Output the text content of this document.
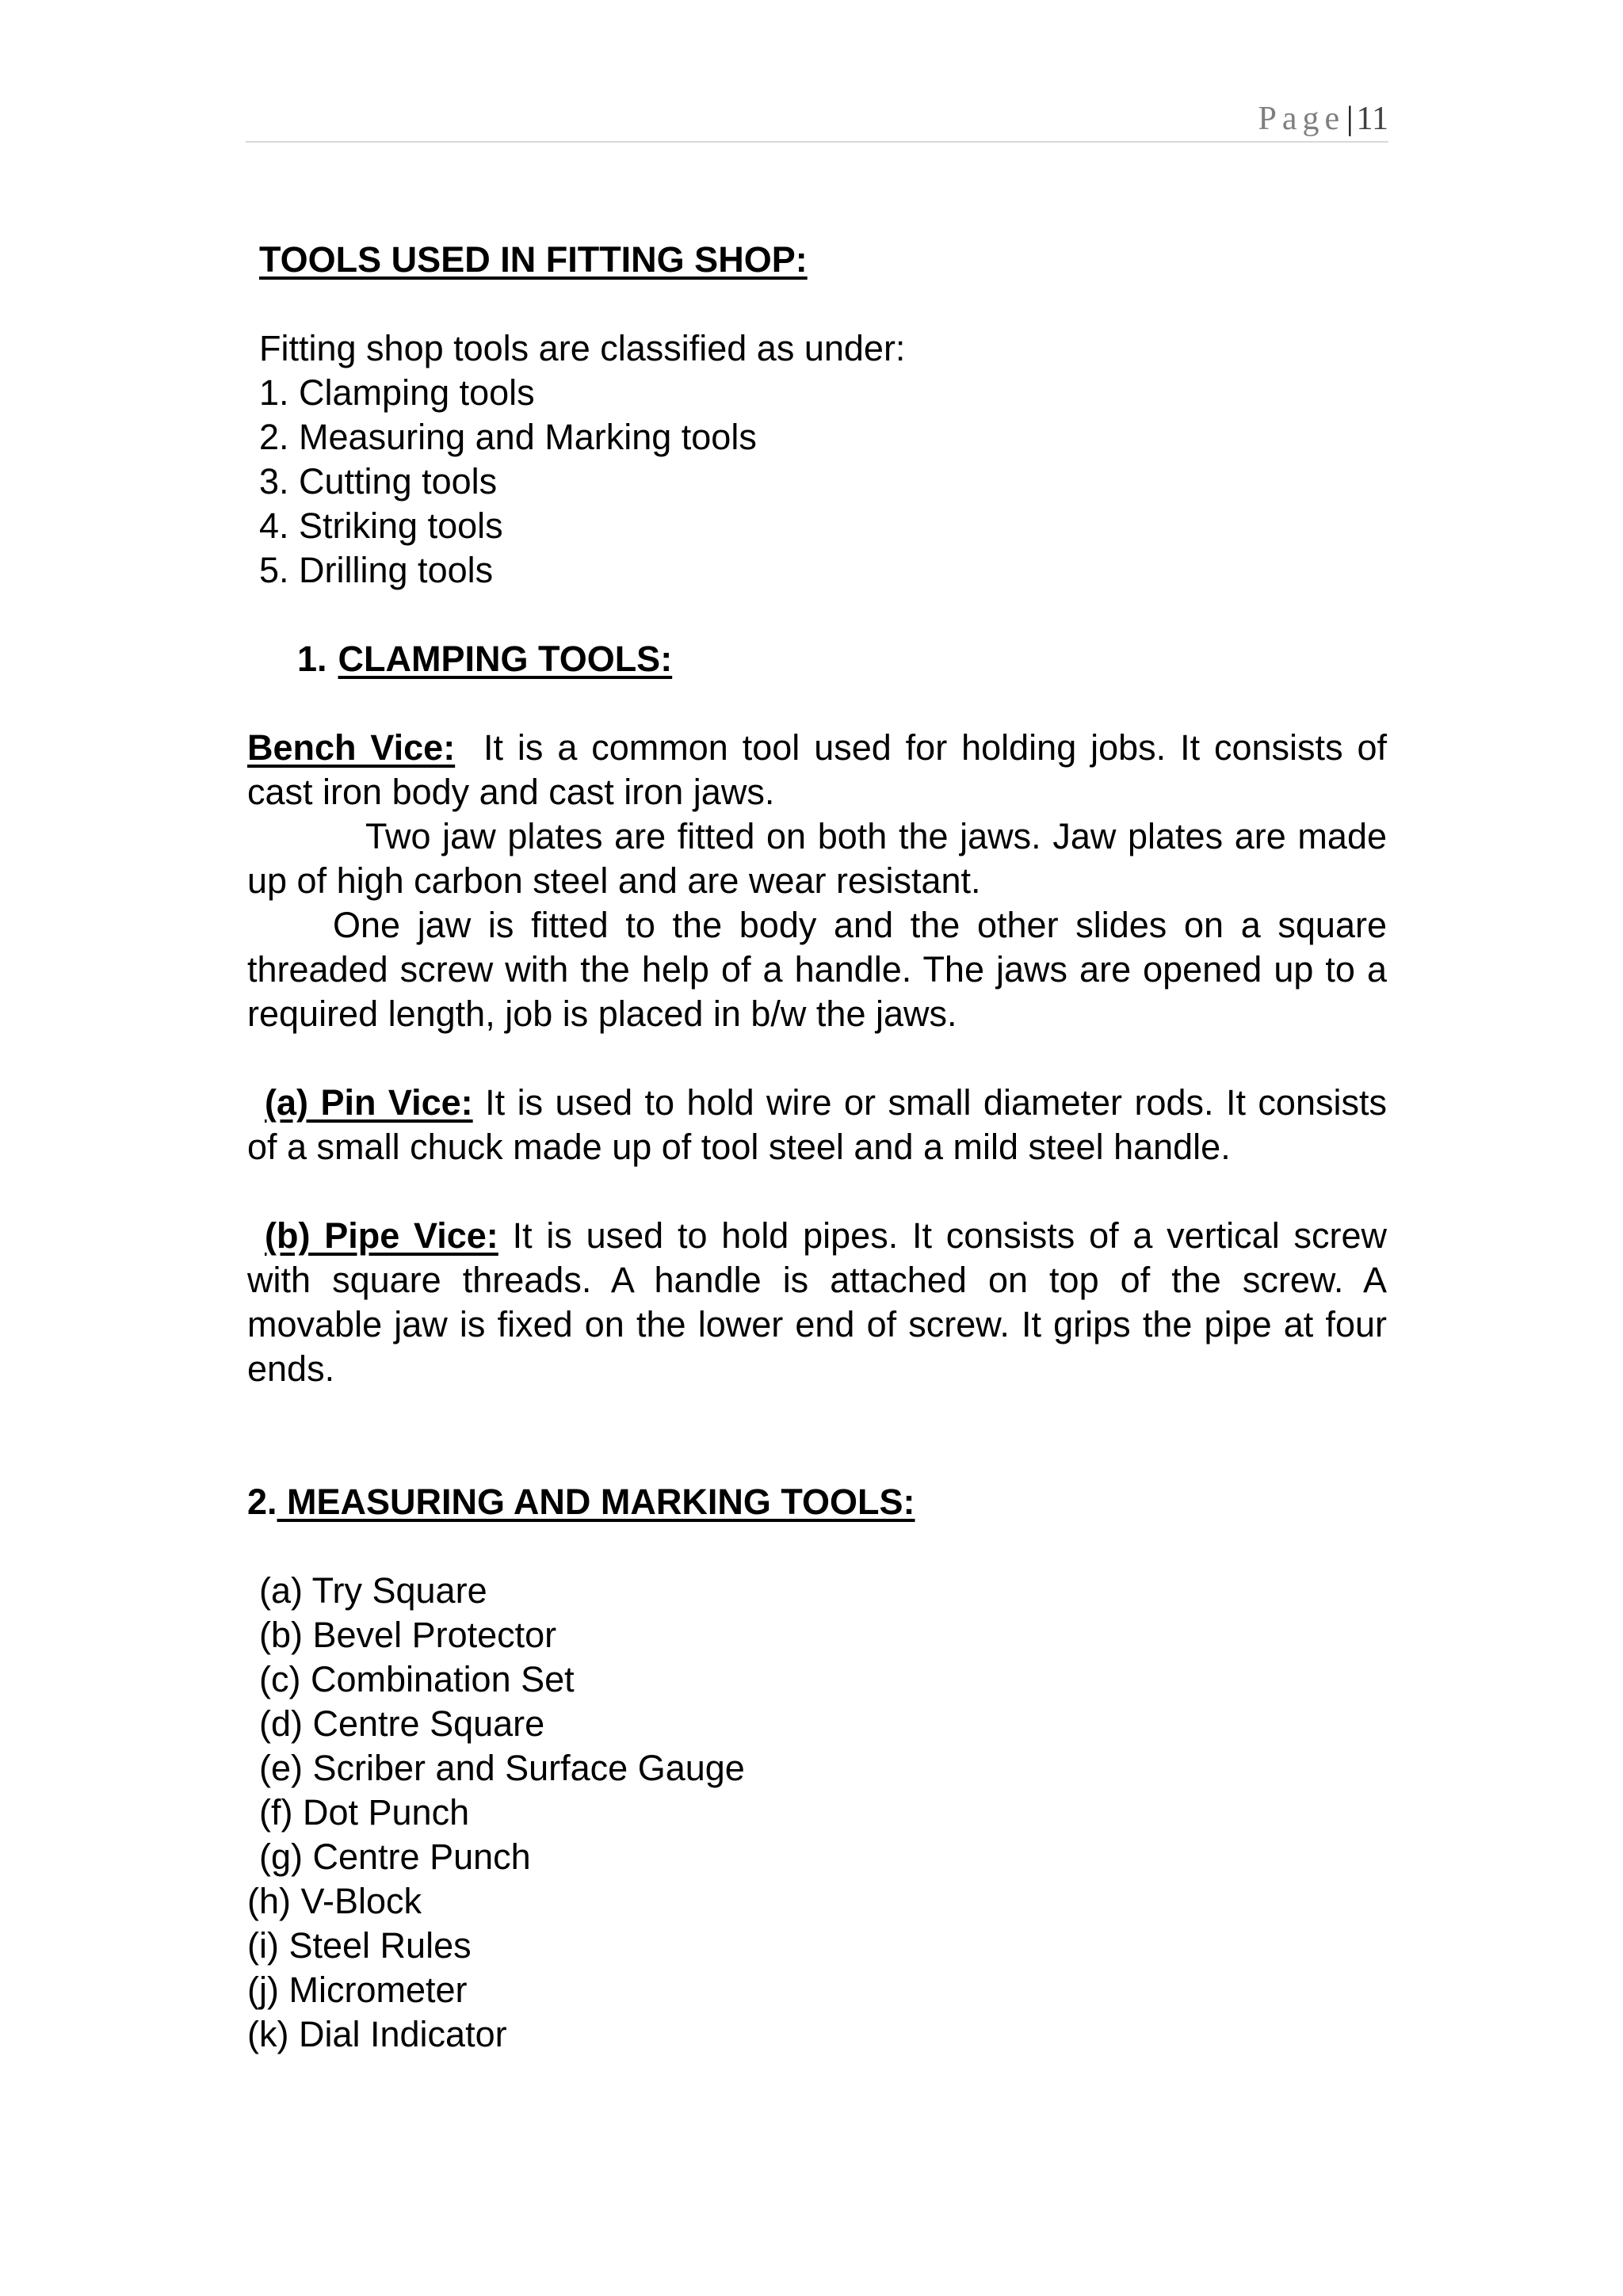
Page|11
TOOLS USED IN FITTING SHOP:
Fitting shop tools are classified as under:
1. Clamping tools
2. Measuring and Marking tools
3. Cutting tools
4. Striking tools
5. Drilling tools
1. CLAMPING TOOLS:

Bench Vice: It is a common tool used for holding jobs. It consists of cast iron body and cast iron jaws.

Two jaw plates are fitted on both the jaws. Jaw plates are made up of high carbon steel and are wear resistant.

One jaw is fitted to the body and the other slides on a square threaded screw with the help of a handle. The jaws are opened up to a required length, job is placed in b/w the jaws.

(a) Pin Vice: It is used to hold wire or small diameter rods. It consists of a small chuck made up of tool steel and a mild steel handle.

(b) Pipe Vice: It is used to hold pipes. It consists of a vertical screw with square threads. A handle is attached on top of the screw. A movable jaw is fixed on the lower end of screw. It grips the pipe at four ends.

2. MEASURING AND MARKING TOOLS:
(a) Try Square
(b) Bevel Protector
(c) Combination Set
(d) Centre Square
(e) Scriber and Surface Gauge
(f) Dot Punch
(g) Centre Punch
(h) V-Block
(i) Steel Rules
(j) Micrometer
(k) Dial Indicator
